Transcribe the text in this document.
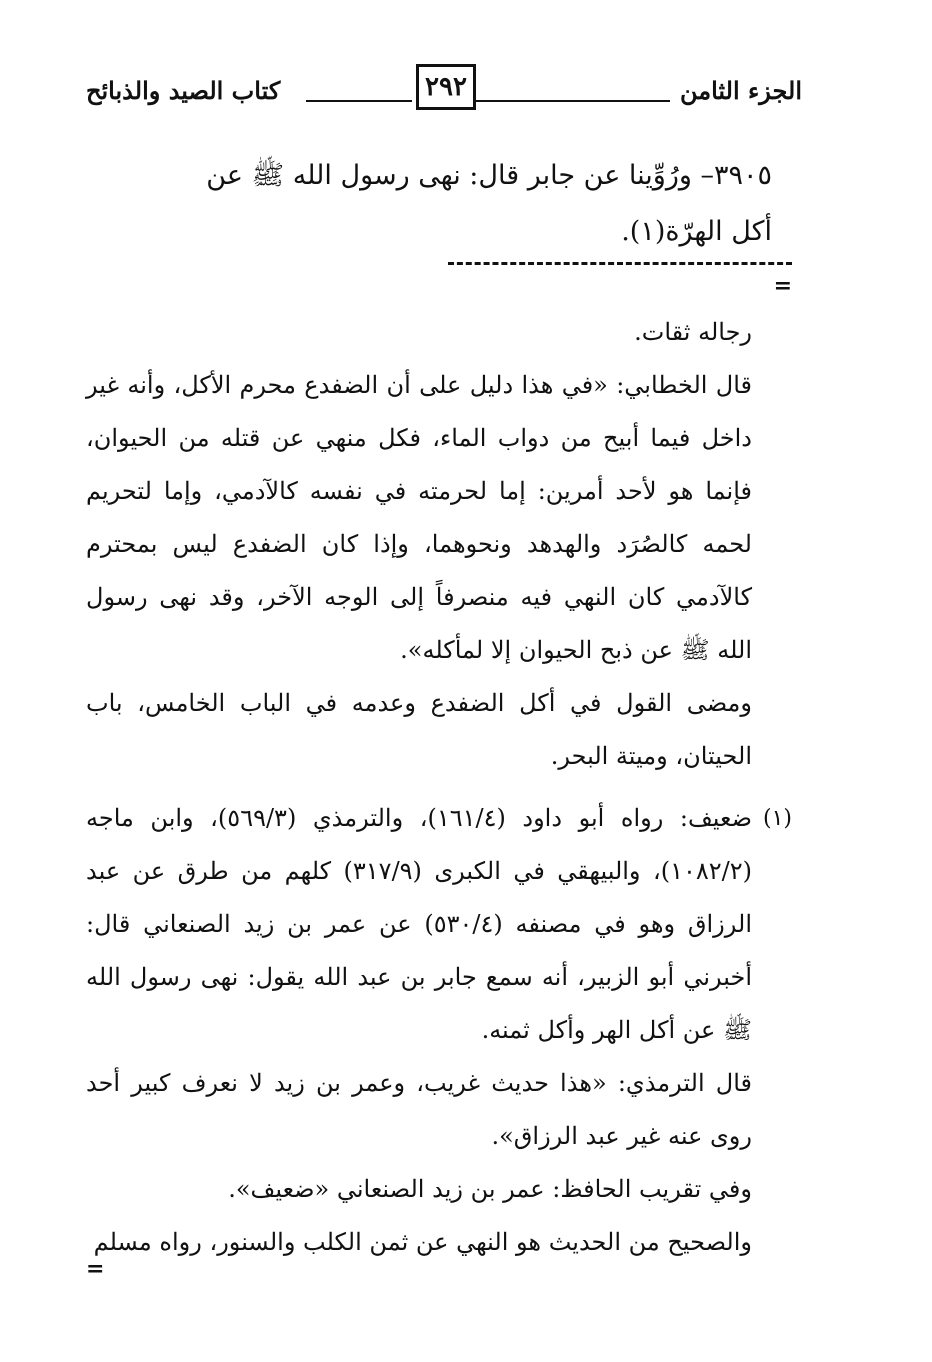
الجزء الثامن
٢٩٢
كتاب الصيد والذبائح
٣٩٠٥– ورُوِّينا عن جابر قال: نهى رسول الله ﷺ عن
أكل الهرّة(١).
=

رجاله ثقات.

قال الخطابي: «في هذا دليل على أن الضفدع محرم الأكل، وأنه غير داخل فيما أبيح من دواب الماء، فكل منهي عن قتله من الحيوان، فإنما هو لأحد أمرين: إما لحرمته في نفسه كالآدمي، وإما لتحريم لحمه كالصُرَد والهدهد ونحوهما، وإذا كان الضفدع ليس بمحترم كالآدمي كان النهي فيه منصرفاً إلى الوجه الآخر، وقد نهى رسول الله ﷺ عن ذبح الحيوان إلا لمأكله».

ومضى القول في أكل الضفدع وعدمه في الباب الخامس، باب الحيتان، وميتة البحر.

(١)

ضعيف: رواه أبو داود (١٦١/٤)، والترمذي (٥٦٩/٣)، وابن ماجه (١٠٨٢/٢)، والبيهقي في الكبرى (٣١٧/٩) كلهم من طرق عن عبد الرزاق وهو في مصنفه (٥٣٠/٤) عن عمر بن زيد الصنعاني قال: أخبرني أبو الزبير، أنه سمع جابر بن عبد الله يقول: نهى رسول الله ﷺ عن أكل الهر وأكل ثمنه.

قال الترمذي: «هذا حديث غريب، وعمر بن زيد لا نعرف كبير أحد روى عنه غير عبد الرزاق».

وفي تقريب الحافظ: عمر بن زيد الصنعاني «ضعيف».

والصحيح من الحديث هو النهي عن ثمن الكلب والسنور، رواه مسلم

=
